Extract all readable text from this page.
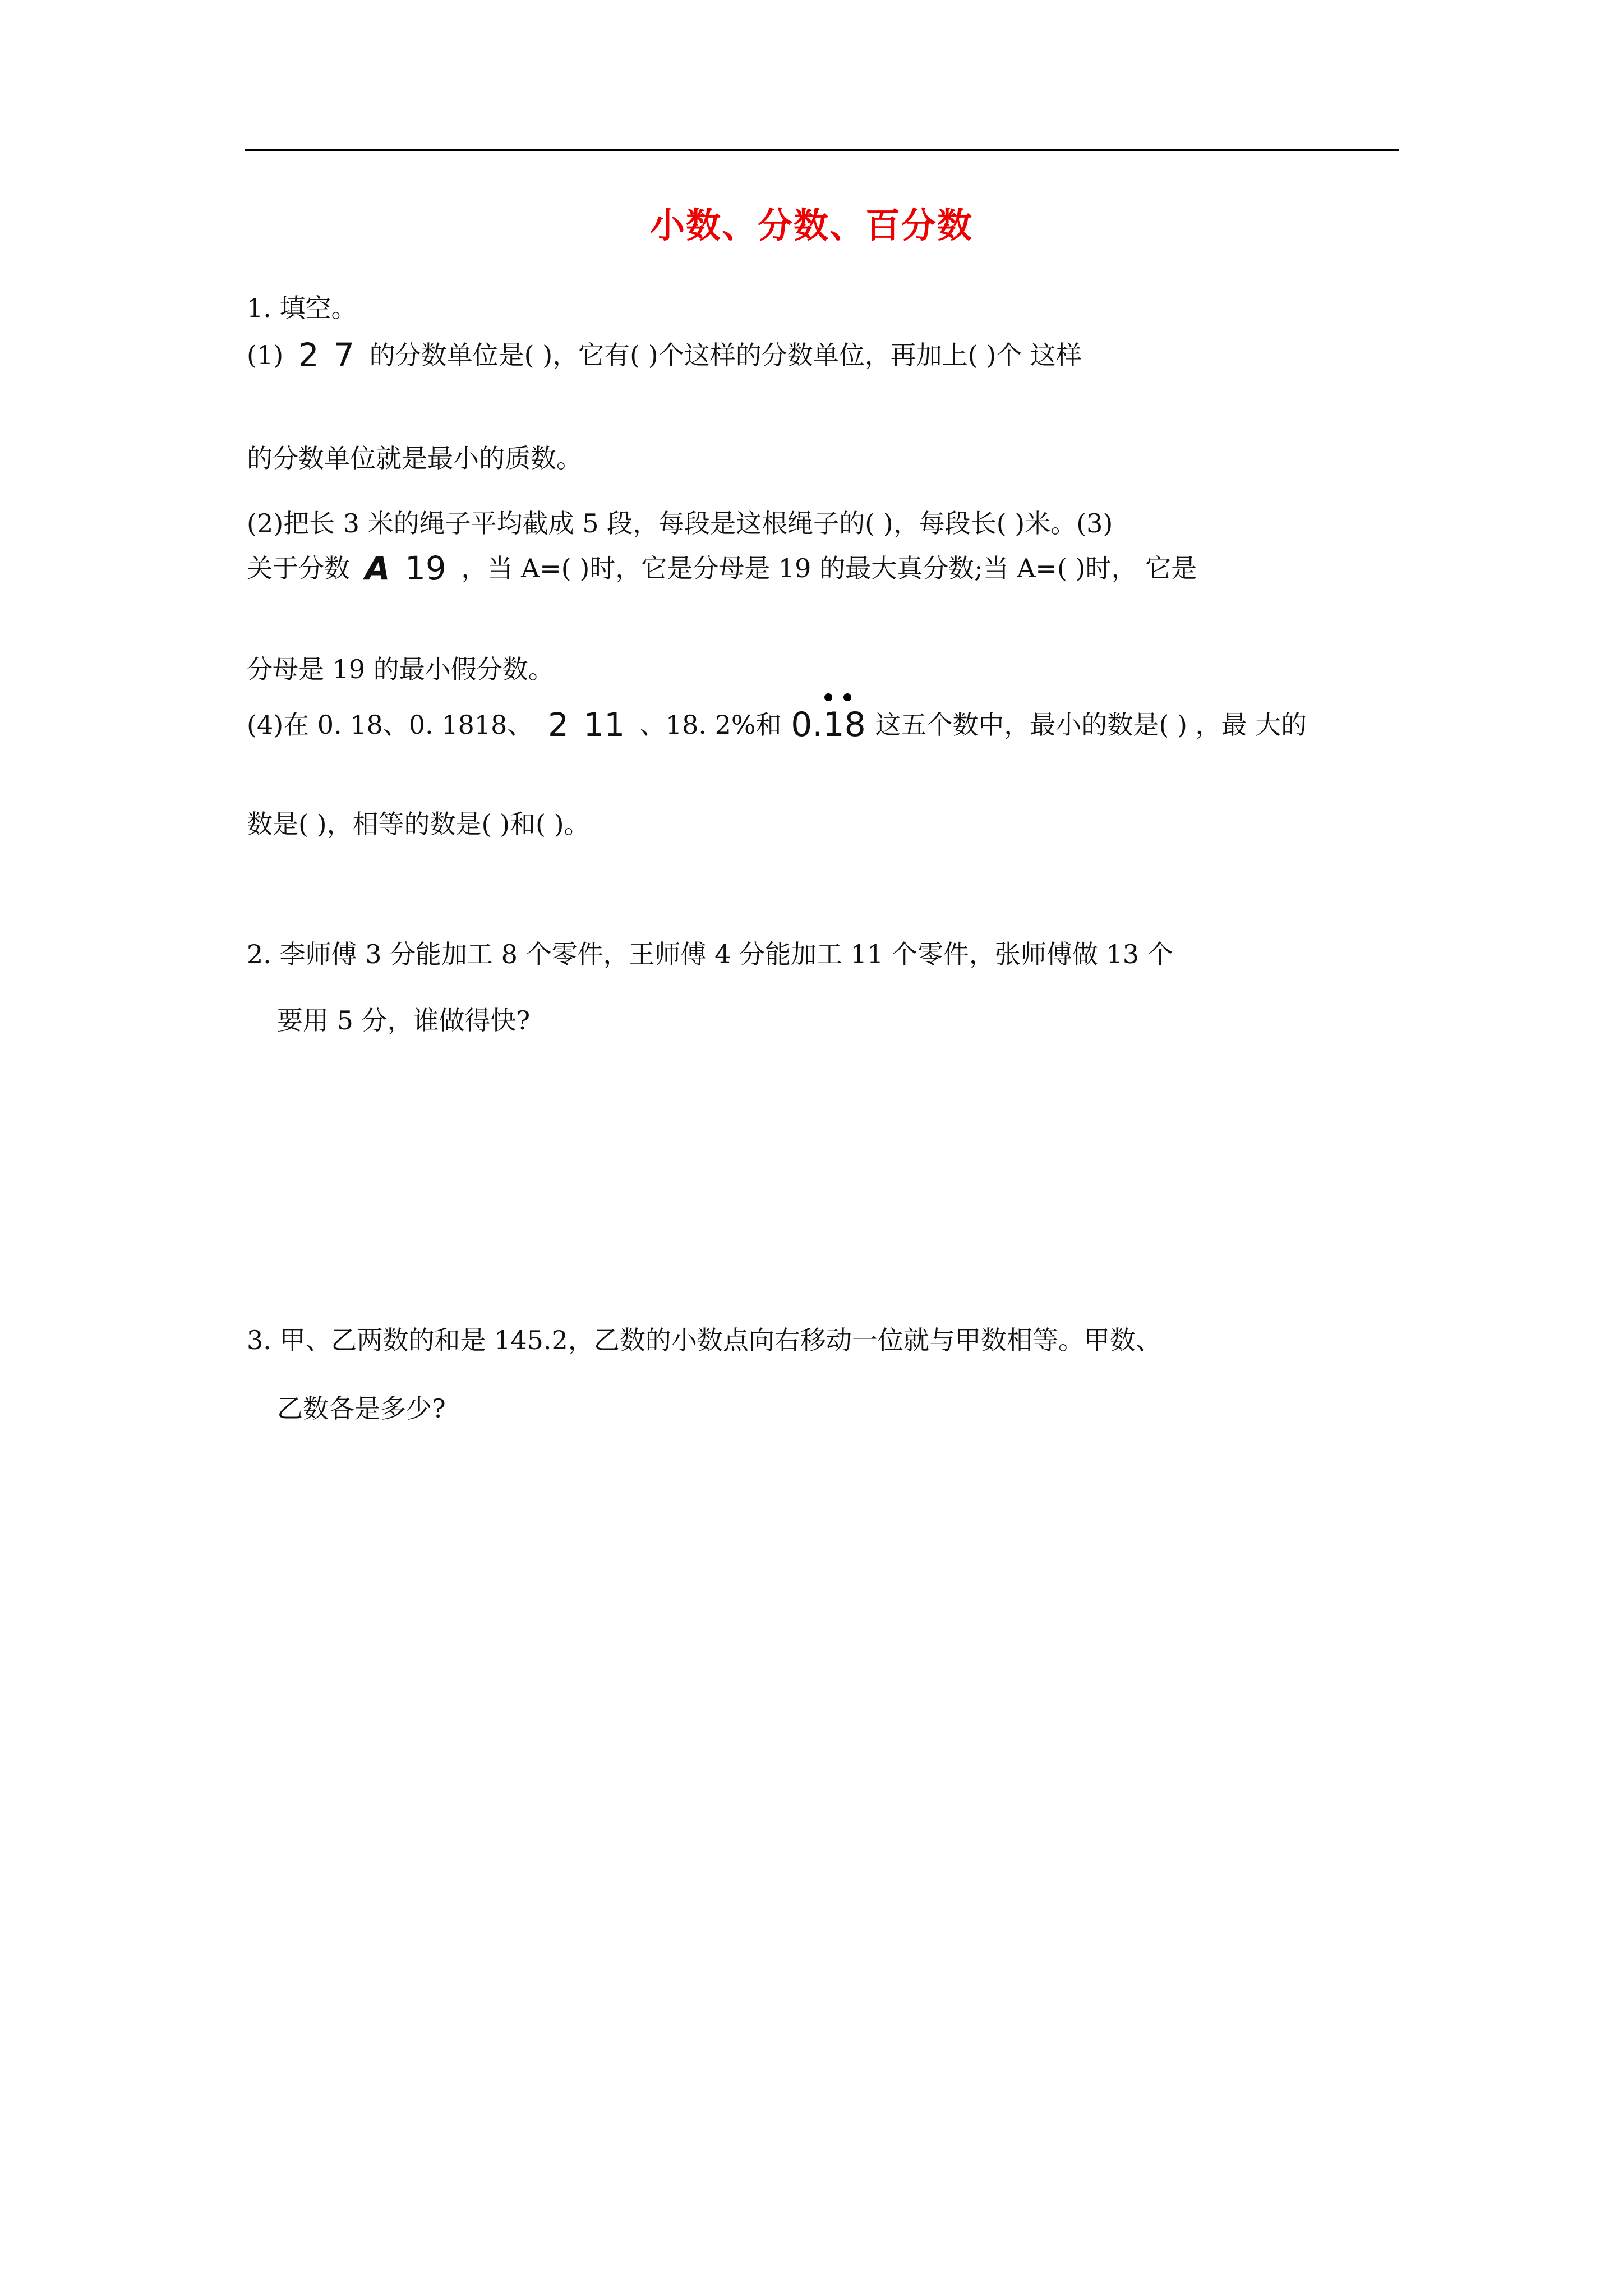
小数、分数、百分数
1. 填空。
(1) 2 7 的分数单位是( )，它有( )个这样的分数单位，再加上( )个 这样
的分数单位就是最小的质数。
(2)把长 3 米的绳子平均截成 5 段，每段是这根绳子的( )，每段长( )米。(3)
关于分数 A 19 ，当 A=( )时，它是分母是 19 的最大真分数;当 A=( )时， 它是
分母是 19 的最小假分数。
(4)在 0. 18、0. 1818、 2 11 、18. 2%和 0.18 这五个数中，最小的数是( ) ，最 大的
数是( )，相等的数是( )和( )。
2. 李师傅 3 分能加工 8 个零件，王师傅 4 分能加工 11 个零件，张师傅做 13 个
要用 5 分，谁做得快?
3. 甲、乙两数的和是 145.2，乙数的小数点向右移动一位就与甲数相等。甲数、
乙数各是多少?
